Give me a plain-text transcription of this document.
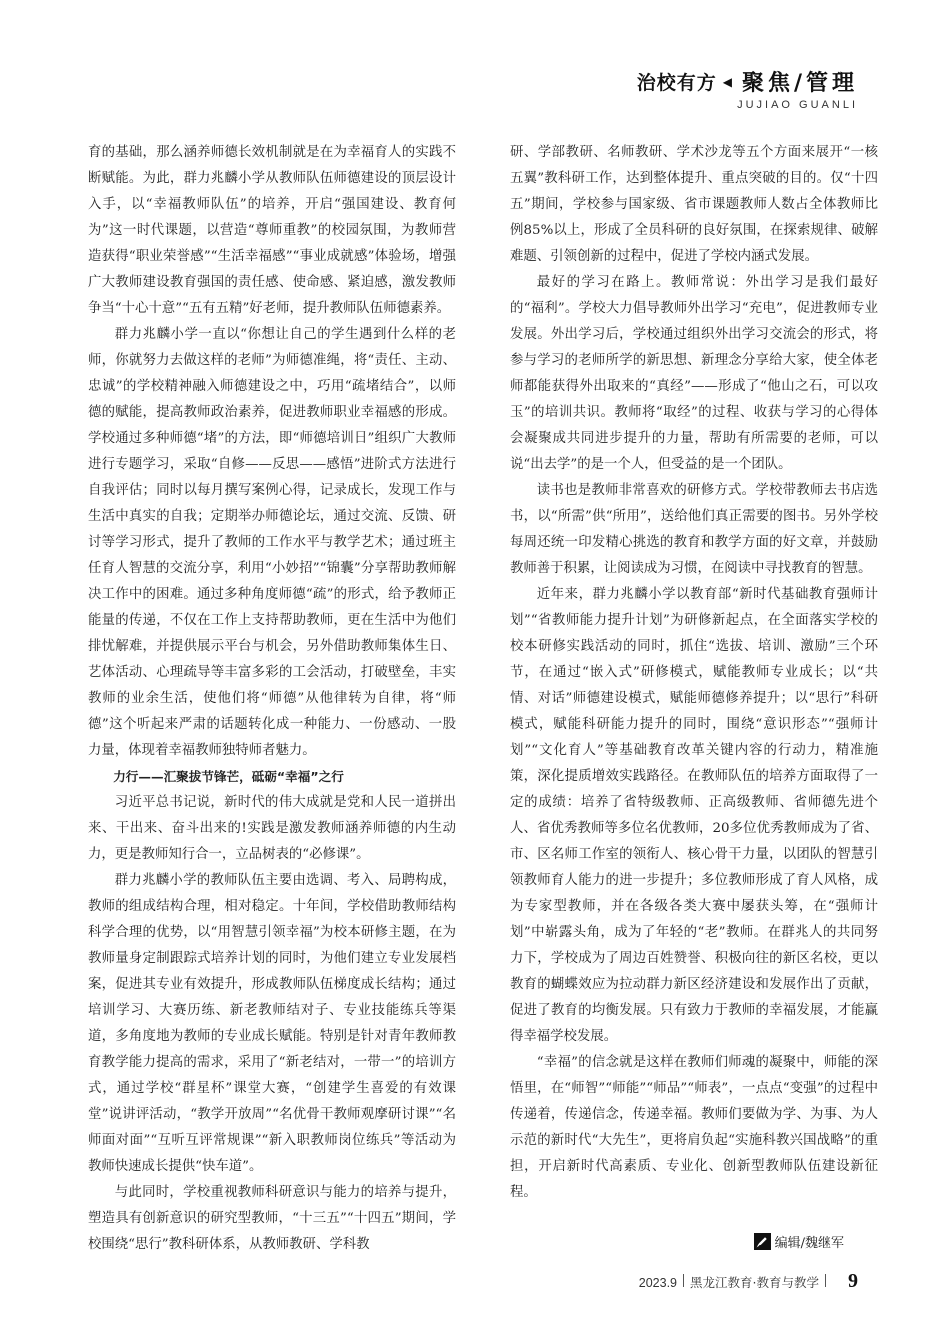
治校有方 ◀ 聚焦/管理
JUJIAO GUANLI

育的基础，那么涵养师德长效机制就是在为幸福育人的实践不断赋能。为此，群力兆麟小学从教师队伍师德建设的顶层设计入手，以“幸福教师队伍”的培养，开启“强国建设、教育何为”这一时代课题，以营造“尊师重教”的校园氛围，为教师营造获得“职业荣誉感”“生活幸福感”“事业成就感”体验场，增强广大教师建设教育强国的责任感、使命感、紧迫感，激发教师争当“十心十意”“五有五精”好老师，提升教师队伍师德素养。

群力兆麟小学一直以“你想让自己的学生遇到什么样的老师，你就努力去做这样的老师”为师德准绳，将“责任、主动、忠诚”的学校精神融入师德建设之中，巧用“疏堵结合”，以师德的赋能，提高教师政治素养，促进教师职业幸福感的形成。学校通过多种师德“堵”的方法，即“师德培训日”组织广大教师进行专题学习，采取“自修——反思——感悟”进阶式方法进行自我评估；同时以每月撰写案例心得，记录成长，发现工作与生活中真实的自我；定期举办师德论坛，通过交流、反馈、研讨等学习形式，提升了教师的工作水平与教学艺术；通过班主任育人智慧的交流分享，利用“小妙招”“锦囊”分享帮助教师解决工作中的困难。通过多种角度师德“疏”的形式，给予教师正能量的传递，不仅在工作上支持帮助教师，更在生活中为他们排忧解难，并提供展示平台与机会，另外借助教师集体生日、艺体活动、心理疏导等丰富多彩的工会活动，打破壁垒，丰实教师的业余生活，使他们将“师德”从他律转为自律，将“师德”这个听起来严肃的话题转化成一种能力、一份感动、一股力量，体现着幸福教师独特师者魅力。

力行——汇聚拔节锋芒，砥砺“幸福”之行

习近平总书记说，新时代的伟大成就是党和人民一道拼出来、干出来、奋斗出来的!实践是激发教师涵养师德的内生动力，更是教师知行合一，立品树表的“必修课”。

群力兆麟小学的教师队伍主要由选调、考入、局聘构成，教师的组成结构合理，相对稳定。十年间，学校借助教师结构科学合理的优势，以“用智慧引领幸福”为校本研修主题，在为教师量身定制跟踪式培养计划的同时，为他们建立专业发展档案，促进其专业有效提升，形成教师队伍梯度成长结构；通过培训学习、大赛历练、新老教师结对子、专业技能练兵等渠道，多角度地为教师的专业成长赋能。特别是针对青年教师教育教学能力提高的需求，采用了“新老结对，一带一”的培训方式，通过学校“群星杯”课堂大赛，“创建学生喜爱的有效课堂”说讲评活动，“教学开放周”“名优骨干教师观摩研讨课”“名师面对面”“互听互评常规课”“新入职教师岗位练兵”等活动为教师快速成长提供“快车道”。

与此同时，学校重视教师科研意识与能力的培养与提升，塑造具有创新意识的研究型教师，“十三五”“十四五”期间，学校围绕“思行”教科研体系，从教师教研、学科教

研、学部教研、名师教研、学术沙龙等五个方面来展开“一核五翼”教科研工作，达到整体提升、重点突破的目的。仅“十四五”期间，学校参与国家级、省市课题教师人数占全体教师比例85%以上，形成了全员科研的良好氛围，在探索规律、破解难题、引领创新的过程中，促进了学校内涵式发展。

最好的学习在路上。教师常说：外出学习是我们最好的“福利”。学校大力倡导教师外出学习“充电”，促进教师专业发展。外出学习后，学校通过组织外出学习交流会的形式，将参与学习的老师所学的新思想、新理念分享给大家，使全体老师都能获得外出取来的“真经”——形成了“他山之石，可以攻玉”的培训共识。教师将“取经”的过程、收获与学习的心得体会凝聚成共同进步提升的力量，帮助有所需要的老师，可以说“出去学”的是一个人，但受益的是一个团队。

读书也是教师非常喜欢的研修方式。学校带教师去书店选书，以“所需”供“所用”，送给他们真正需要的图书。另外学校每周还统一印发精心挑选的教育和教学方面的好文章，并鼓励教师善于积累，让阅读成为习惯，在阅读中寻找教育的智慧。

近年来，群力兆麟小学以教育部“新时代基础教育强师计划”“省教师能力提升计划”为研修新起点，在全面落实学校的校本研修实践活动的同时，抓住“选拔、培训、激励”三个环节，在通过“嵌入式”研修模式，赋能教师专业成长；以“共情、对话”师德建设模式，赋能师德修养提升；以“思行”科研模式，赋能科研能力提升的同时，围绕“意识形态”“强师计划”“文化育人”等基础教育改革关键内容的行动力，精准施策，深化提质增效实践路径。在教师队伍的培养方面取得了一定的成绩：培养了省特级教师、正高级教师、省师德先进个人、省优秀教师等多位名优教师，20多位优秀教师成为了省、市、区名师工作室的领衔人、核心骨干力量，以团队的智慧引领教师育人能力的进一步提升；多位教师形成了育人风格，成为专家型教师，并在各级各类大赛中屡获头筹，在“强师计划”中崭露头角，成为了年轻的“老”教师。在群兆人的共同努力下，学校成为了周边百姓赞誉、积极向往的新区名校，更以教育的蝴蝶效应为拉动群力新区经济建设和发展作出了贡献，促进了教育的均衡发展。只有致力于教师的幸福发展，才能赢得幸福学校发展。

“幸福”的信念就是这样在教师们师魂的凝聚中，师能的深悟里，在“师智”“师能”“师品”“师表”，一点点“变强”的过程中传递着，传递信念，传递幸福。教师们要做为学、为事、为人示范的新时代“大先生”，更将肩负起“实施科教兴国战略”的重担，开启新时代高素质、专业化、创新型教师队伍建设新征程。

编辑/魏继军
2023.9 黑龙江教育·教育与教学 9
